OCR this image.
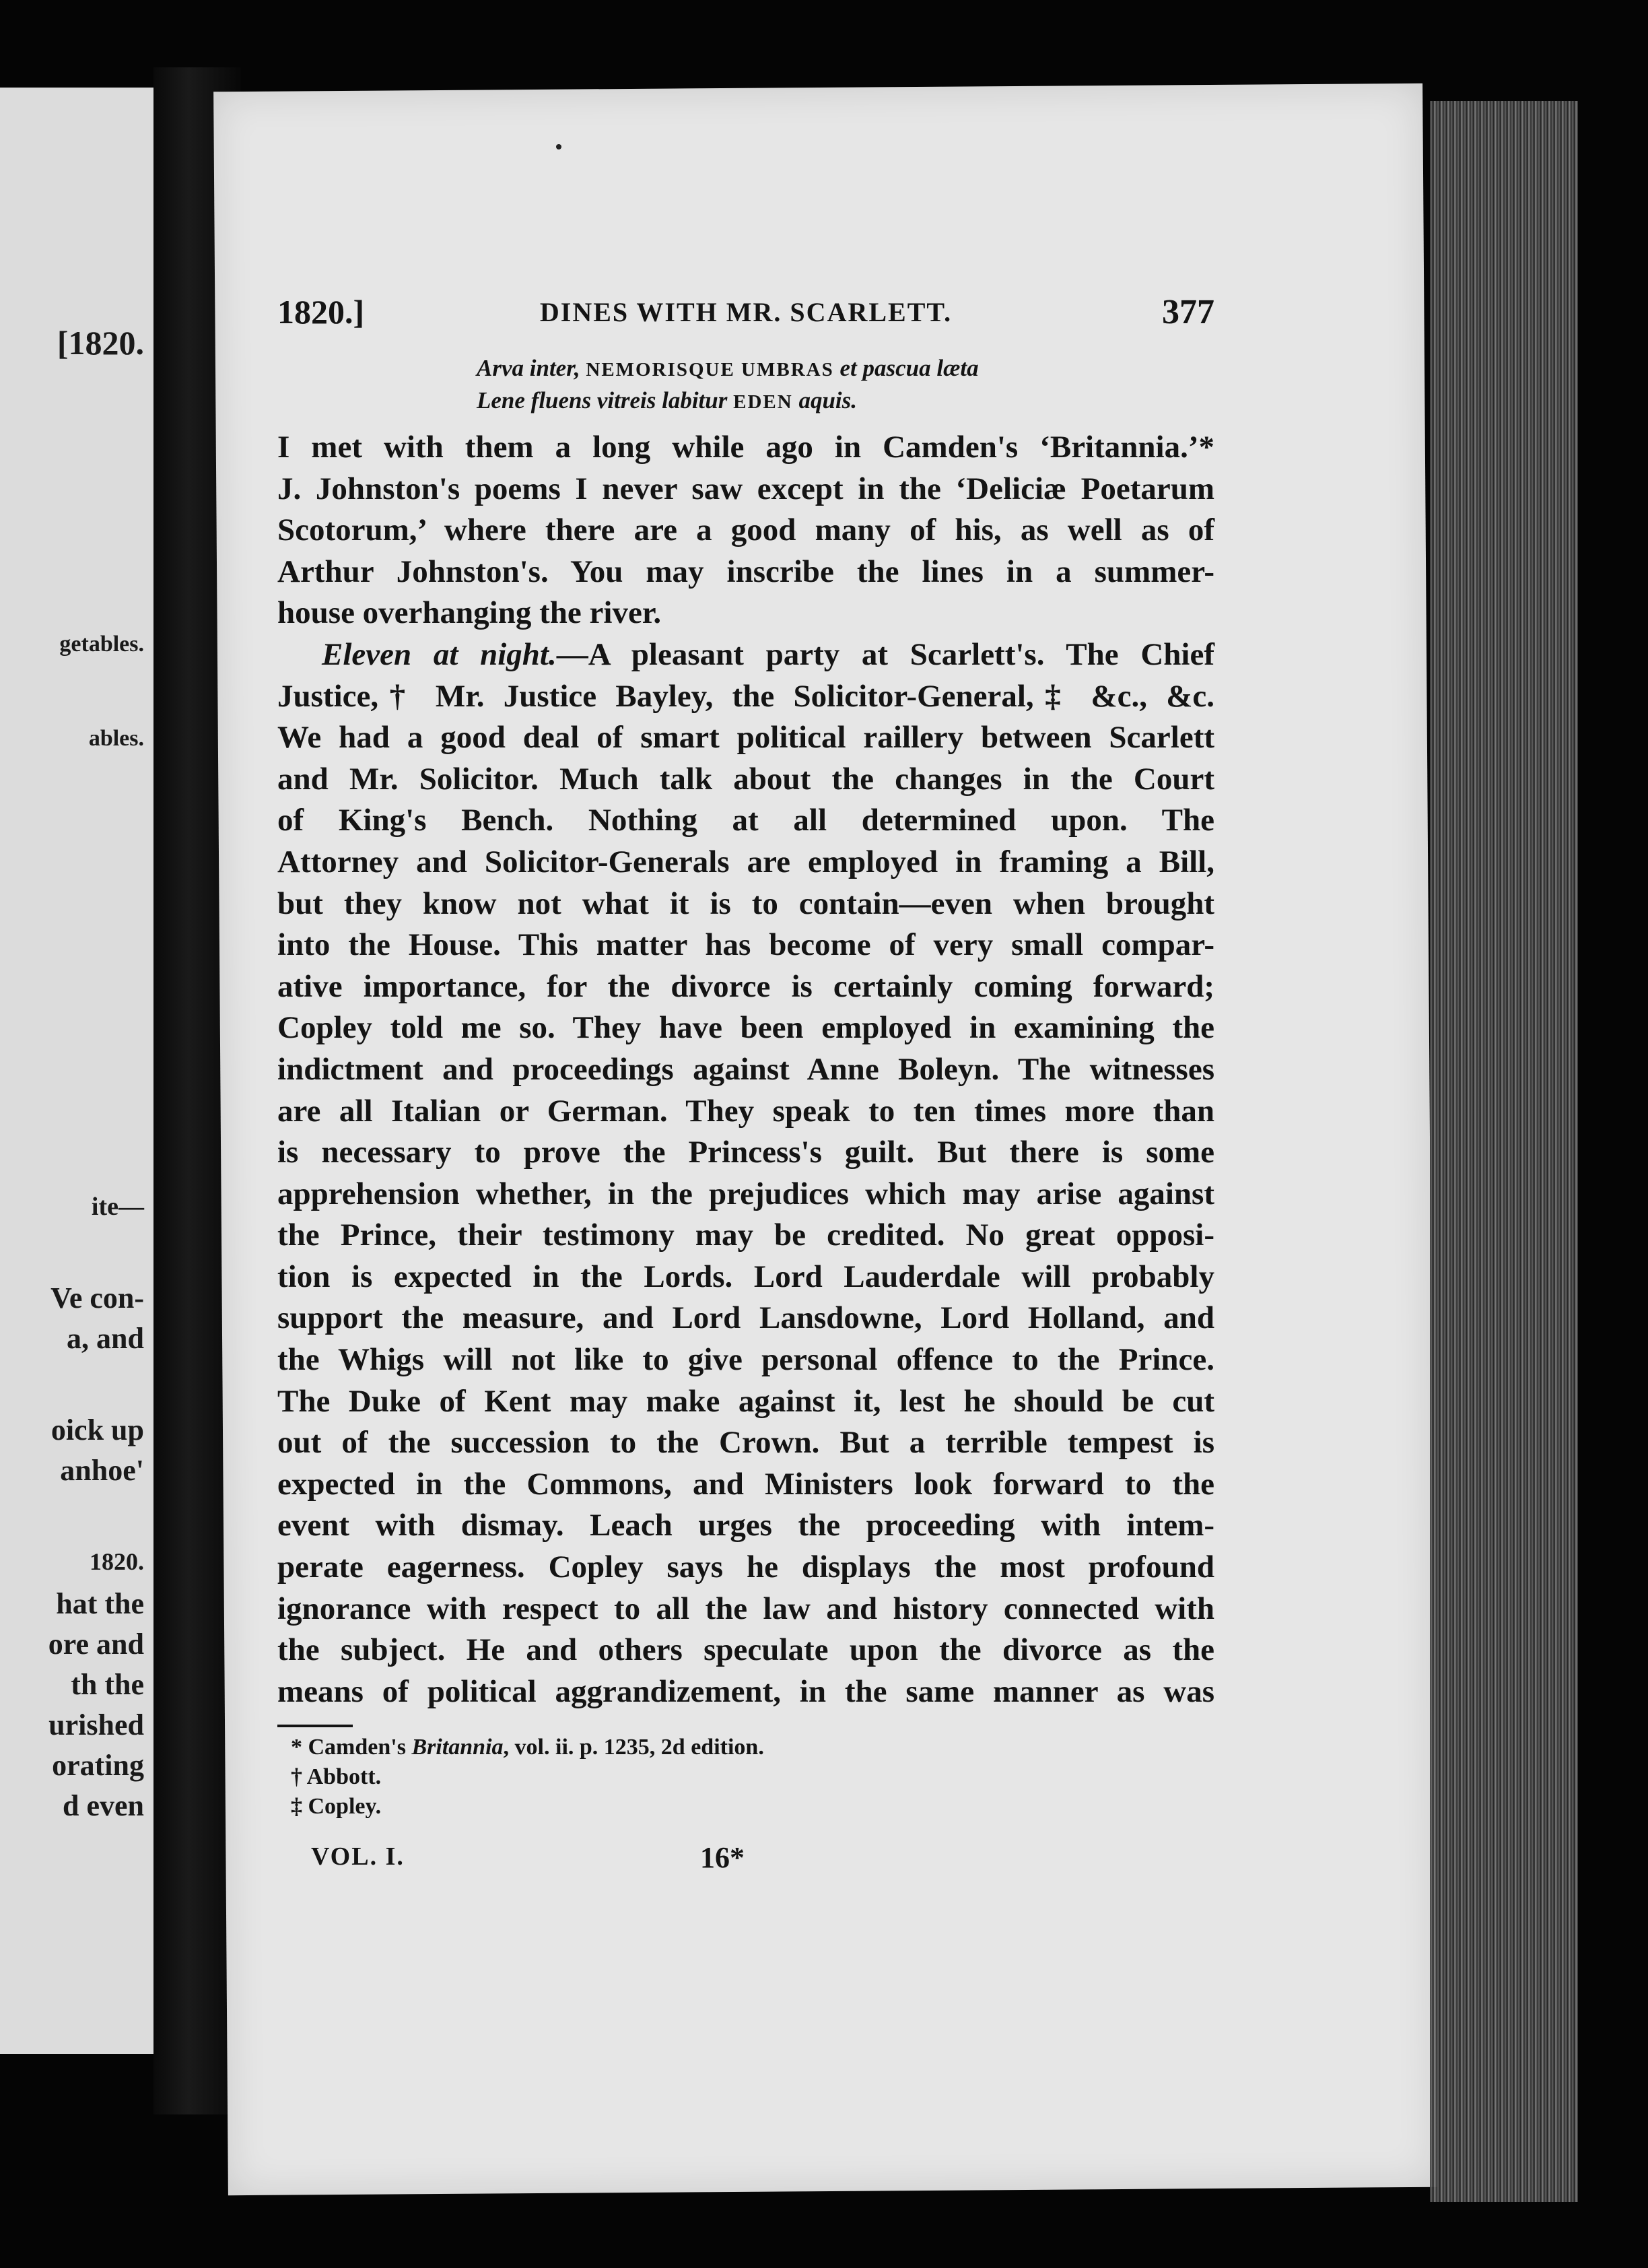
[1820.
getables.
ables.
ite—
Ve con-
a, and
oick up
anhoe'
1820.
hat the
ore and
th the
urished
orating
d even
1820.]	DINES WITH MR. SCARLETT.	377
Arva inter, NEMORISQUE UMBRAS et pascua læta
Lene fluens vitreis labitur EDEN aquis.
I met with them a long while ago in Camden's ‘Britannia.’*
J. Johnston's poems I never saw except in the ‘Deliciæ Poetarum
Scotorum,’ where there are a good many of his, as well as of
Arthur Johnston's. You may inscribe the lines in a summer-
house overhanging the river.
Eleven at night.—A pleasant party at Scarlett's. The Chief
Justice,† Mr. Justice Bayley, the Solicitor-General,‡ &c., &c.
We had a good deal of smart political raillery between Scarlett
and Mr. Solicitor. Much talk about the changes in the Court
of King's Bench. Nothing at all determined upon. The
Attorney and Solicitor-Generals are employed in framing a Bill,
but they know not what it is to contain—even when brought
into the House. This matter has become of very small compar-
ative importance, for the divorce is certainly coming forward;
Copley told me so. They have been employed in examining the
indictment and proceedings against Anne Boleyn. The witnesses
are all Italian or German. They speak to ten times more than
is necessary to prove the Princess's guilt. But there is some
apprehension whether, in the prejudices which may arise against
the Prince, their testimony may be credited. No great opposi-
tion is expected in the Lords. Lord Lauderdale will probably
support the measure, and Lord Lansdowne, Lord Holland, and
the Whigs will not like to give personal offence to the Prince.
The Duke of Kent may make against it, lest he should be cut
out of the succession to the Crown. But a terrible tempest is
expected in the Commons, and Ministers look forward to the
event with dismay. Leach urges the proceeding with intem-
perate eagerness. Copley says he displays the most profound
ignorance with respect to all the law and history connected with
the subject. He and others speculate upon the divorce as the
means of political aggrandizement, in the same manner as was
* Camden's Britannia, vol. ii. p. 1235, 2d edition.
† Abbott.
‡ Copley.
VOL. I.	16*
